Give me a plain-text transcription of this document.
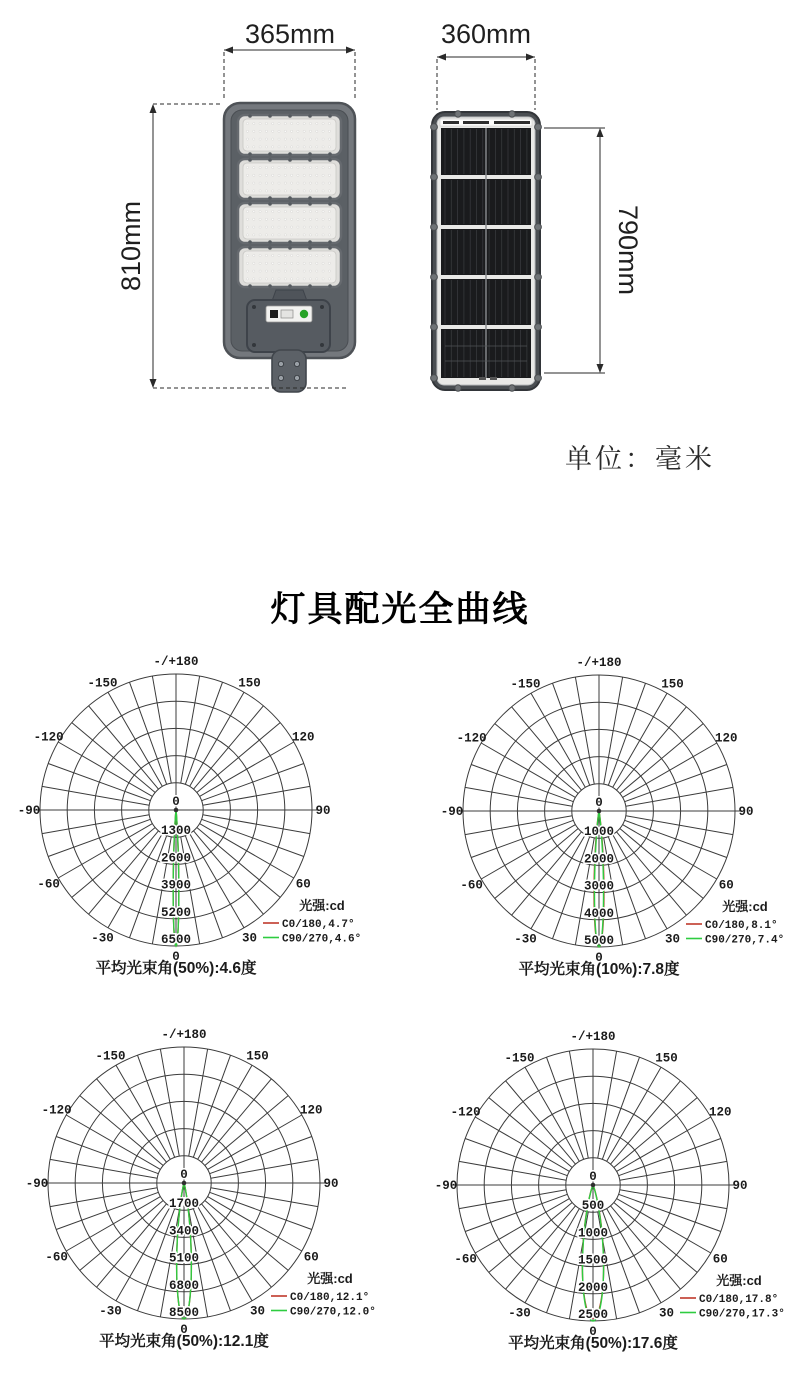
灯具配光全曲线
单位：毫米
365mm
810mm
360mm
790mm
0
1300
2600
3900
5200
6500
-/+180
150
120
90
60
30
0
-30
-60
-90
-120
-150
光强:cd
C0/180,4.7°
C90/270,4.6°
平均光束角(50%):4.6度
0
1000
2000
3000
4000
5000
-/+180
150
120
90
60
30
0
-30
-60
-90
-120
-150
光强:cd
C0/180,8.1°
C90/270,7.4°
平均光束角(10%):7.8度
0
1700
3400
5100
6800
8500
-/+180
150
120
90
60
30
0
-30
-60
-90
-120
-150
光强:cd
C0/180,12.1°
C90/270,12.0°
平均光束角(50%):12.1度
0
500
1000
1500
2000
2500
-/+180
150
120
90
60
30
0
-30
-60
-90
-120
-150
光强:cd
C0/180,17.8°
C90/270,17.3°
平均光束角(50%):17.6度
